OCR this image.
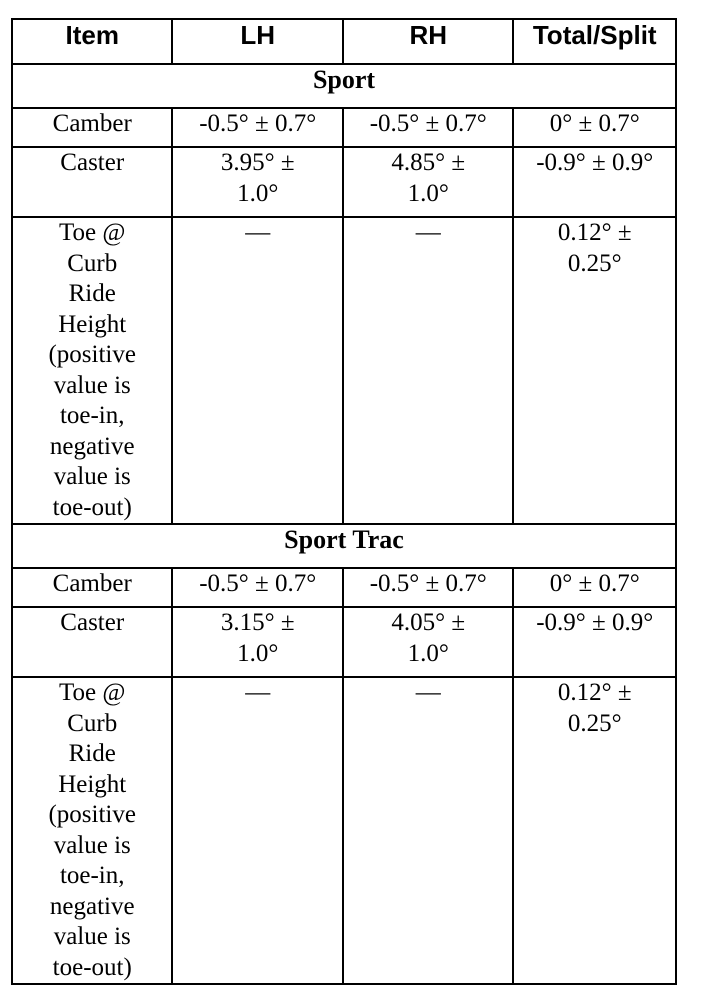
Item	LH	RH	Total/Split
Sport			
Camber	-0.5° ± 0.7°	-0.5° ± 0.7°	0° ± 0.7°
Caster	3.95° ± 1.0°	4.85° ± 1.0°	-0.9° ± 0.9°
Toe @ Curb Ride Height (positive value is toe-in, negative value is toe-out)	—	—	0.12° ± 0.25°
Sport Trac			
Camber	-0.5° ± 0.7°	-0.5° ± 0.7°	0° ± 0.7°
Caster	3.15° ± 1.0°	4.05° ± 1.0°	-0.9° ± 0.9°
Toe @ Curb Ride Height (positive value is toe-in, negative value is toe-out)	—	—	0.12° ± 0.25°
